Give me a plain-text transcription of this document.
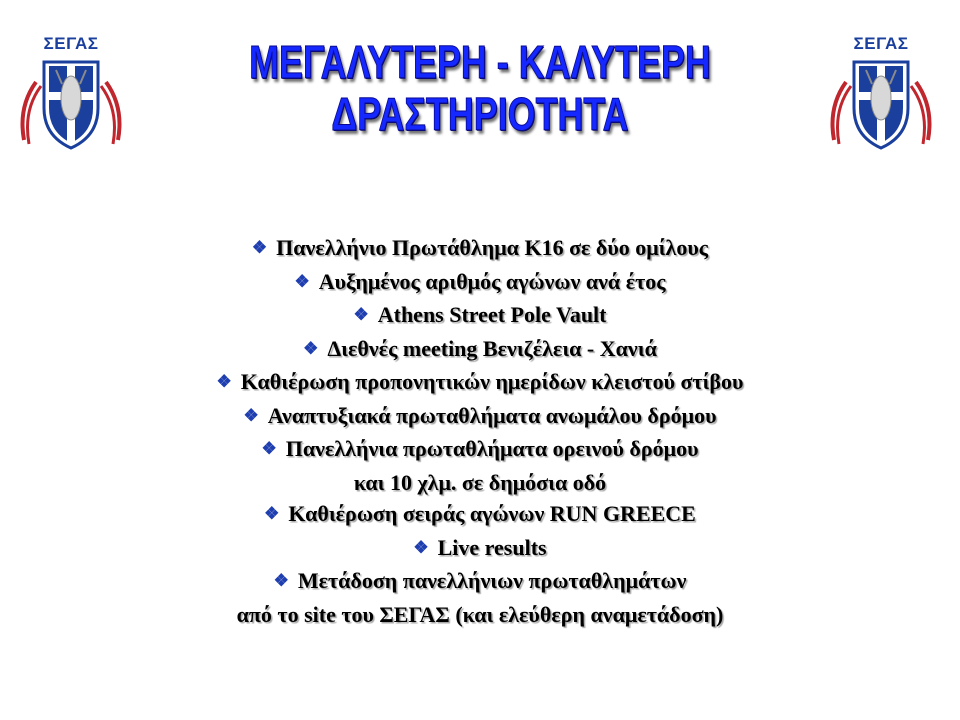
ΣΕΓΑΣ	ΣΕΓΑΣ
ΜΕΓΑΛΥΤΕΡΗ - ΚΑΛΥΤΕΡΗ
ΔΡΑΣΤΗΡΙΟΤΗΤΑ
❖ Πανελλήνιο Πρωτάθλημα Κ16 σε δύο ομίλους
❖ Αυξημένος αριθμός αγώνων ανά έτος
❖ Athens Street Pole Vault
❖ Διεθνές meeting Βενιζέλεια - Χανιά
❖ Καθιέρωση προπονητικών ημερίδων κλειστού στίβου
❖ Αναπτυξιακά πρωταθλήματα ανωμάλου δρόμου
❖ Πανελλήνια πρωταθλήματα ορεινού δρόμου
και 10 χλμ. σε δημόσια οδό
❖ Καθιέρωση σειράς αγώνων RUN GREECE
❖ Live results
❖ Μετάδοση πανελλήνιων πρωταθλημάτων
από το site του ΣΕΓΑΣ (και ελεύθερη αναμετάδοση)
